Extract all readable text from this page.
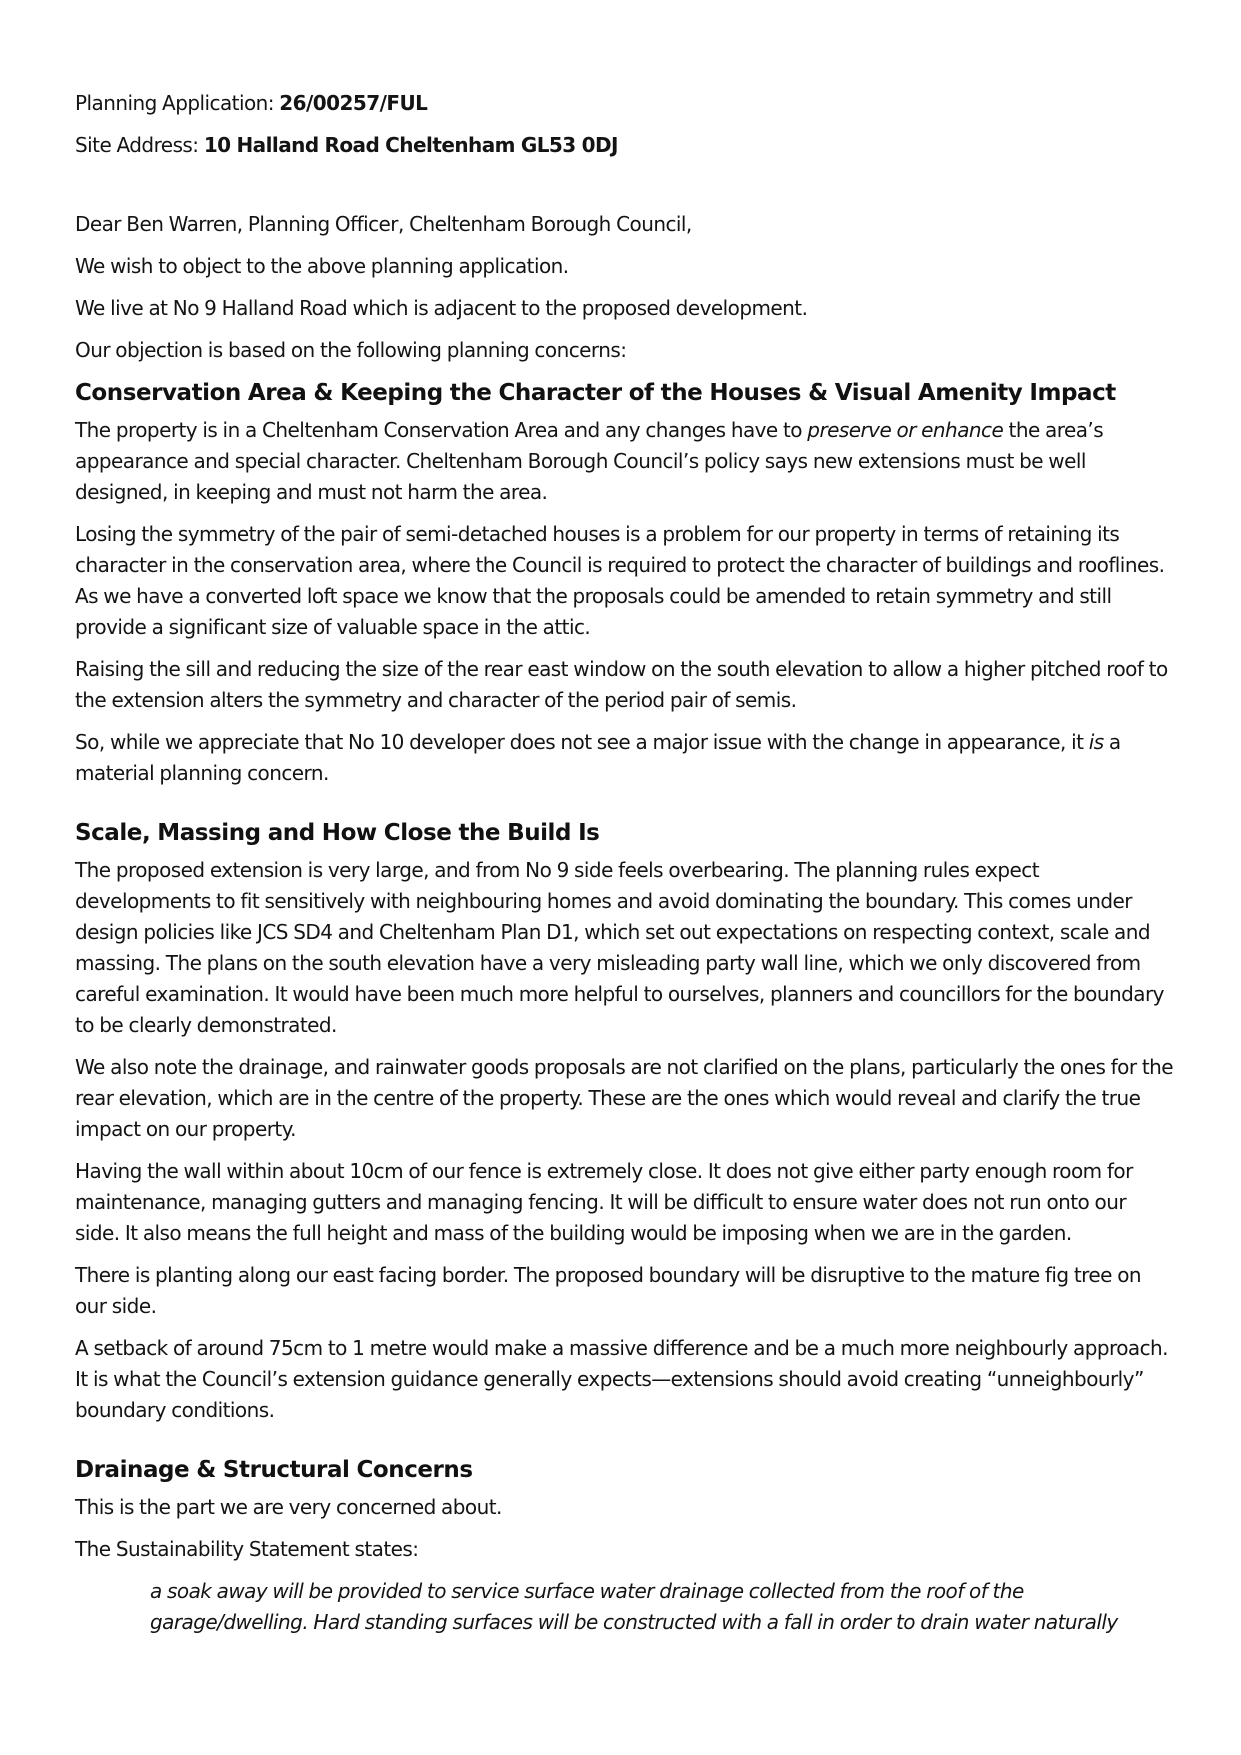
Planning Application: 26/00257/FUL

Site Address: 10 Halland Road Cheltenham GL53 0DJ

Dear Ben Warren, Planning Officer, Cheltenham Borough Council,

We wish to object to the above planning application.

We live at No 9 Halland Road which is adjacent to the proposed development.

Our objection is based on the following planning concerns:

Conservation Area & Keeping the Character of the Houses & Visual Amenity Impact

The property is in a Cheltenham Conservation Area and any changes have to preserve or enhance the area’s appearance and special character. Cheltenham Borough Council’s policy says new extensions must be well designed, in keeping and must not harm the area.

Losing the symmetry of the pair of semi-detached houses is a problem for our property in terms of retaining its character in the conservation area, where the Council is required to protect the character of buildings and rooflines. As we have a converted loft space we know that the proposals could be amended to retain symmetry and still provide a significant size of valuable space in the attic.

Raising the sill and reducing the size of the rear east window on the south elevation to allow a higher pitched roof to the extension alters the symmetry and character of the period pair of semis.

So, while we appreciate that No 10 developer does not see a major issue with the change in appearance, it is a material planning concern.

Scale, Massing and How Close the Build Is

The proposed extension is very large, and from No 9 side feels overbearing. The planning rules expect developments to fit sensitively with neighbouring homes and avoid dominating the boundary. This comes under design policies like JCS SD4 and Cheltenham Plan D1, which set out expectations on respecting context, scale and massing. The plans on the south elevation have a very misleading party wall line, which we only discovered from careful examination. It would have been much more helpful to ourselves, planners and councillors for the boundary to be clearly demonstrated.

We also note the drainage, and rainwater goods proposals are not clarified on the plans, particularly the ones for the rear elevation, which are in the centre of the property. These are the ones which would reveal and clarify the true impact on our property.

Having the wall within about 10cm of our fence is extremely close. It does not give either party enough room for maintenance, managing gutters and managing fencing. It will be difficult to ensure water does not run onto our side. It also means the full height and mass of the building would be imposing when we are in the garden.

There is planting along our east facing border. The proposed boundary will be disruptive to the mature fig tree on our side.

A setback of around 75cm to 1 metre would make a massive difference and be a much more neighbourly approach. It is what the Council’s extension guidance generally expects—extensions should avoid creating “unneighbourly” boundary conditions.

Drainage & Structural Concerns

This is the part we are very concerned about.

The Sustainability Statement states:

a soak away will be provided to service surface water drainage collected from the roof of the

garage/dwelling. Hard standing surfaces will be constructed with a fall in order to drain water naturally
